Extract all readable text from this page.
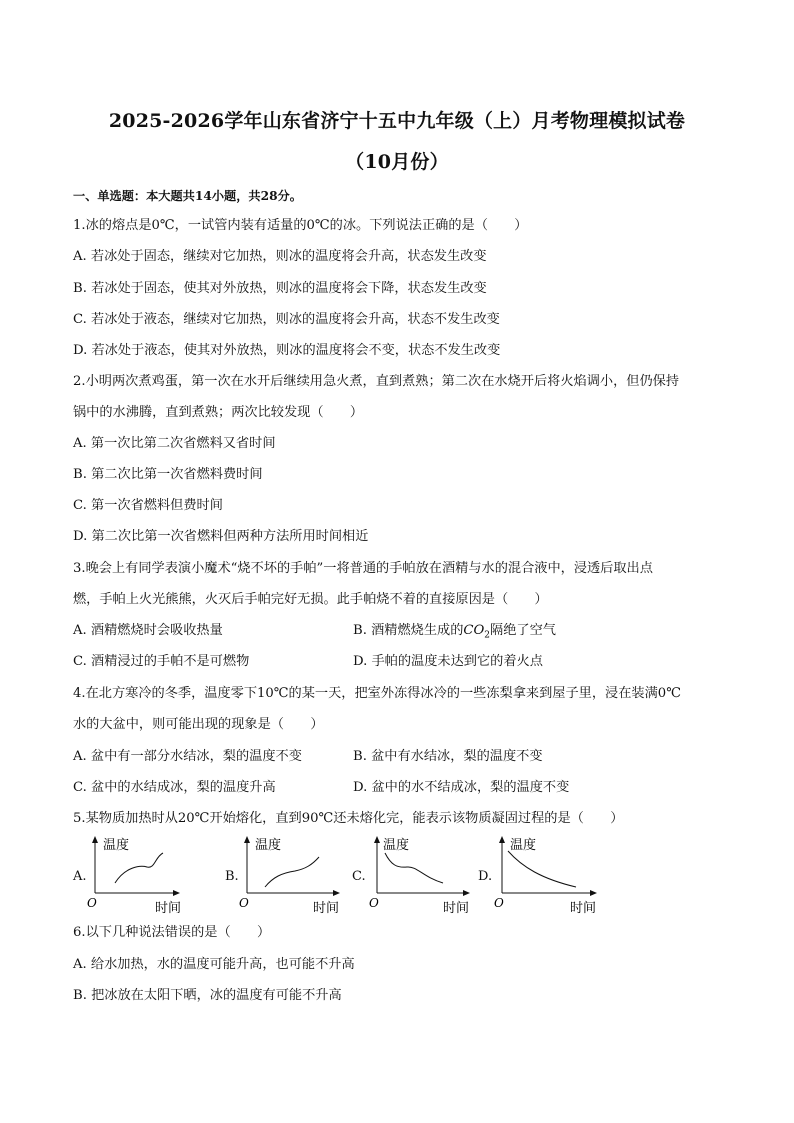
2025-2026学年山东省济宁十五中九年级（上）月考物理模拟试卷
（10月份）
一、单选题：本大题共14小题，共28分。
1.冰的熔点是0℃，一试管内装有适量的0℃的冰。下列说法正确的是（　　）
A. 若冰处于固态，继续对它加热，则冰的温度将会升高，状态发生改变
B. 若冰处于固态，使其对外放热，则冰的温度将会下降，状态发生改变
C. 若冰处于液态，继续对它加热，则冰的温度将会升高，状态不发生改变
D. 若冰处于液态，使其对外放热，则冰的温度将会不变，状态不发生改变
2.小明两次煮鸡蛋，第一次在水开后继续用急火煮，直到煮熟；第二次在水烧开后将火焰调小，但仍保持
锅中的水沸腾，直到煮熟；两次比较发现（　　）
A. 第一次比第二次省燃料又省时间
B. 第二次比第一次省燃料费时间
C. 第一次省燃料但费时间
D. 第二次比第一次省燃料但两种方法所用时间相近
3.晚会上有同学表演小魔术“烧不坏的手帕”一将普通的手帕放在酒精与水的混合液中，浸透后取出点
燃，手帕上火光熊熊，火灭后手帕完好无损。此手帕烧不着的直接原因是（　　）
A. 酒精燃烧时会吸收热量	B. 酒精燃烧生成的$CO_2$隔绝了空气
C. 酒精浸过的手帕不是可燃物	D. 手帕的温度未达到它的着火点
4.在北方寒冷的冬季，温度零下10℃的某一天，把室外冻得冰冷的一些冻梨拿来到屋子里，浸在装满0℃
水的大盆中，则可能出现的现象是（　　）
A. 盆中有一部分水结冰，梨的温度不变	B. 盆中有水结冰，梨的温度不变
C. 盆中的水结成冰，梨的温度升高	D. 盆中的水不结成冰，梨的温度不变
5.某物质加热时从20℃开始熔化，直到90℃还未熔化完，能表示该物质凝固过程的是（　　）
A.
温度
O	时间
B.
温度
O	时间
C.
温度
O	时间
D.
温度
O	时间
6.以下几种说法错误的是（　　）
A. 给水加热，水的温度可能升高，也可能不升高
B. 把冰放在太阳下晒，冰的温度有可能不升高
